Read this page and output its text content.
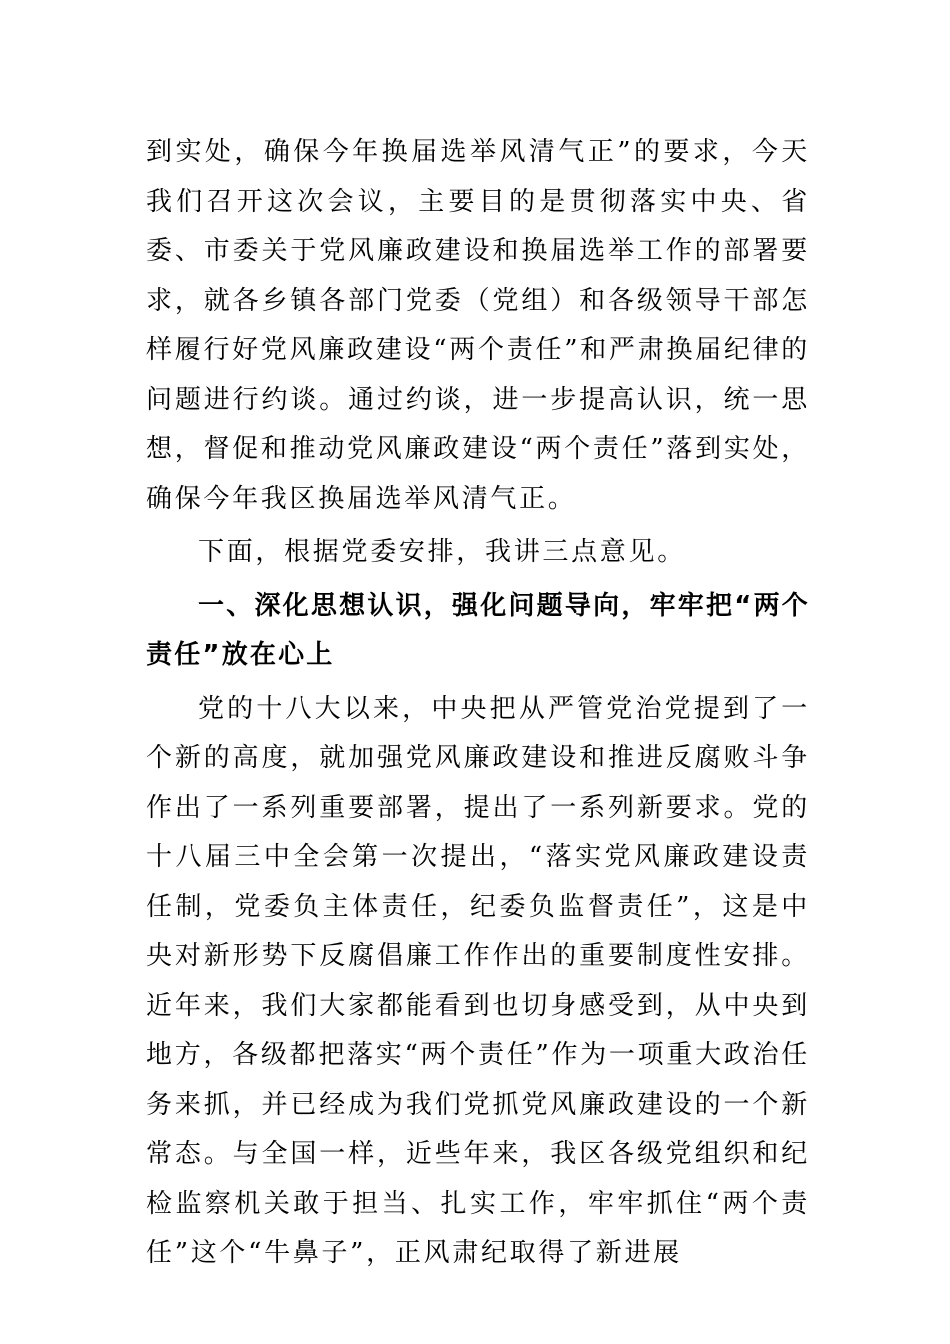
到实处，确保今年换届选举风清气正”的要求，今天我们召开这次会议，主要目的是贯彻落实中央、省委、市委关于党风廉政建设和换届选举工作的部署要求，就各乡镇各部门党委（党组）和各级领导干部怎样履行好党风廉政建设“两个责任”和严肃换届纪律的问题进行约谈。通过约谈，进一步提高认识，统一思想，督促和推动党风廉政建设“两个责任”落到实处，确保今年我区换届选举风清气正。

下面，根据党委安排，我讲三点意见。

一、深化思想认识，强化问题导向，牢牢把“两个责任”放在心上

党的十八大以来，中央把从严管党治党提到了一个新的高度，就加强党风廉政建设和推进反腐败斗争作出了一系列重要部署，提出了一系列新要求。党的十八届三中全会第一次提出，“落实党风廉政建设责任制，党委负主体责任，纪委负监督责任”，这是中央对新形势下反腐倡廉工作作出的重要制度性安排。近年来，我们大家都能看到也切身感受到，从中央到地方，各级都把落实“两个责任”作为一项重大政治任务来抓，并已经成为我们党抓党风廉政建设的一个新常态。与全国一样，近些年来，我区各级党组织和纪检监察机关敢于担当、扎实工作，牢牢抓住“两个责任”这个“牛鼻子”，正风肃纪取得了新进展
